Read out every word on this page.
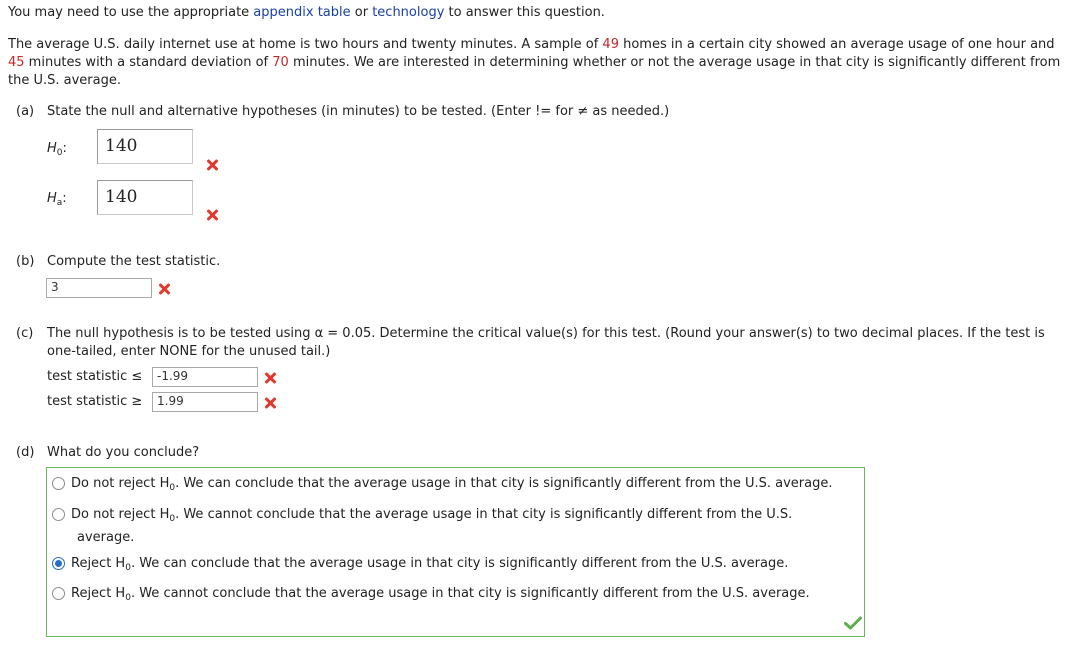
You may need to use the appropriate appendix table or technology to answer this question.
The average U.S. daily internet use at home is two hours and twenty minutes. A sample of 49 homes in a certain city showed an average usage of one hour and
45 minutes with a standard deviation of 70 minutes. We are interested in determining whether or not the average usage in that city is significantly different from
the U.S. average.
(a) State the null and alternative hypotheses (in minutes) to be tested. (Enter != for ≠ as needed.)
$H_0$:	140
$H_a$:	140
(b) Compute the test statistic.
3
(c) The null hypothesis is to be tested using α = 0.05. Determine the critical value(s) for this test. (Round your answer(s) to two decimal places. If the test is
one-tailed, enter NONE for the unused tail.)
test statistic ≤	-1.99
test statistic ≥	1.99
(d) What do you conclude?
Do not reject $H_0$. We can conclude that the average usage in that city is significantly different from the U.S. average.
Do not reject $H_0$. We cannot conclude that the average usage in that city is significantly different from the U.S.
average.
Reject $H_0$. We can conclude that the average usage in that city is significantly different from the U.S. average.
Reject $H_0$. We cannot conclude that the average usage in that city is significantly different from the U.S. average.
